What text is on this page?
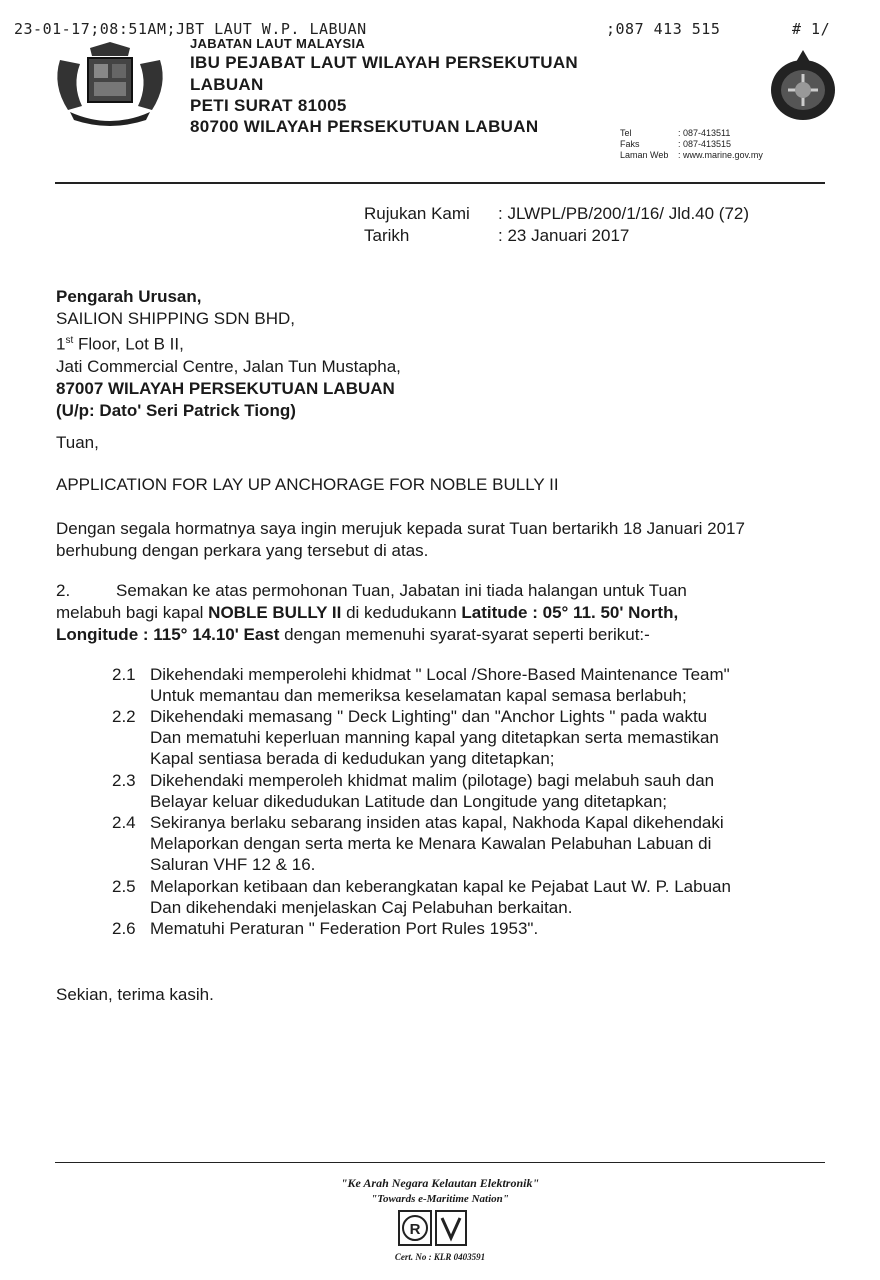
23-01-17;08:51AM;JBT LAUT W.P. LABUAN	;087 413 515	# 1/
JABATAN LAUT MALAYSIA
IBU PEJABAT LAUT WILAYAH PERSEKUTUAN
LABUAN
PETI SURAT 81005
80700 WILAYAH PERSEKUTUAN LABUAN	Tel	: 087-413511
Faks	: 087-413515
Laman Web : www.marine.gov.my
Rujukan Kami : JLWPL/PB/200/1/16/ Jld.40 (72)
Tarikh	: 23 Januari 2017
Pengarah Urusan,
SAILION SHIPPING SDN BHD,
1st Floor, Lot B II,
Jati Commercial Centre, Jalan Tun Mustapha,
87007 WILAYAH PERSEKUTUAN LABUAN
(U/p: Dato' Seri Patrick Tiong)
Tuan,
APPLICATION FOR LAY UP ANCHORAGE FOR NOBLE BULLY II
Dengan segala hormatnya saya ingin merujuk kepada surat Tuan bertarikh 18 Januari 2017
berhubung dengan perkara yang tersebut di atas.
2.	Semakan ke atas permohonan Tuan, Jabatan ini tiada halangan untuk Tuan
melabuh bagi kapal NOBLE BULLY II di kedudukann Latitude : 05° 11. 50' North,
Longitude : 115° 14.10' East dengan memenuhi syarat-syarat seperti berikut:-
2.1 Dikehendaki memperolehi khidmat " Local /Shore-Based Maintenance Team"
Untuk memantau dan memeriksa keselamatan kapal semasa berlabuh;
2.2 Dikehendaki memasang " Deck Lighting" dan "Anchor Lights " pada waktu
Dan mematuhi keperluan manning kapal yang ditetapkan serta memastikan
Kapal sentiasa berada di kedudukan yang ditetapkan;
2.3 Dikehendaki memperoleh khidmat malim (pilotage) bagi melabuh sauh dan
Belayar keluar dikedudukan Latitude dan Longitude yang ditetapkan;
2.4 Sekiranya berlaku sebarang insiden atas kapal, Nakhoda Kapal dikehendaki
Melaporkan dengan serta merta ke Menara Kawalan Pelabuhan Labuan di
Saluran VHF 12 & 16.
2.5 Melaporkan ketibaan dan keberangkatan kapal ke Pejabat Laut W. P. Labuan
Dan dikehendaki menjelaskan Caj Pelabuhan berkaitan.
2.6 Mematuhi Peraturan " Federation Port Rules 1953".
Sekian, terima kasih.
"Ke Arah Negara Kelautan Elektronik"
"Towards e-Maritime Nation"
R
Cert. No : KLR 0403591
